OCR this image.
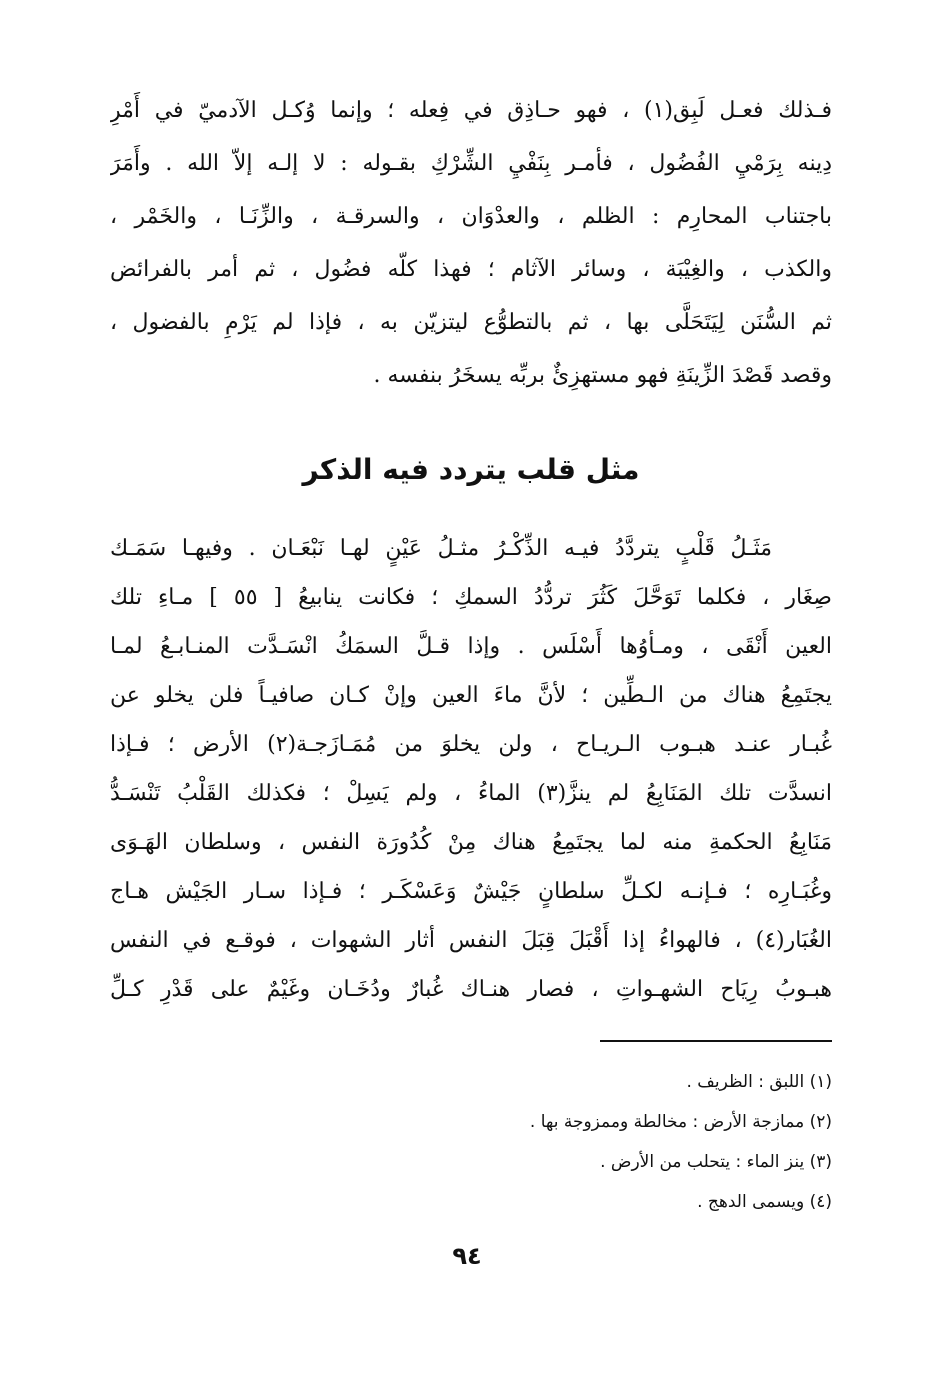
فـذلك فعـل لَبِق(١) ، فهو حـاذِق في فِعله ؛ وإنما وُكـل الآدميّ في أَمْرِ
دِينه بِرَمْيِ الفُضُول ، فأمـر بِنَفْيِ الشِّرْكِ بقـوله : لا إلـه إلاّ الله . وأَمَرَ
باجتناب المحارِم : الظلم ، والعدْوَان ، والسرقـة ، والزِّنَـا ، والخَمْر ،
والكذب ، والغِيْبَة ، وسائر الآثام ؛ فهذا كلّه فضُول ، ثم أمر بالفرائض
ثم السُّنَن لِيَتَحَلَّى بها ، ثم بالتطوُّع ليتزيّن به ، فإذا لم يَرْمِ بالفضول ،
وقصد قَصْدَ الزِّينَةِ فهو مستهزِئٌ بربِّه يسخَرُ بنفسه .
مثل قلب يتردد فيه الذكر
مَثَـلُ قَلْبٍ يتردَّدُ فيـه الذِّكْـرُ مثـلُ عَيْنٍ لهـا نَبْعَـان . وفيهـا سَمَـك
صِغَار ، فكلما تَوَحَّلَ كَثُرَ تردُّدُ السمكِ ؛ فكانت ينابيعُ [ ٥٥ ] مـاءِ تلك
العين أَنْقَى ، ومـأوُها أَسْلَس . وإذا قـلَّ السمَكُ انْسَـدَّت المنـابـعُ لمـا
يجتَمِعُ هناك من الـطِّين ؛ لأنَّ ماءَ العين وإنْ كـان صافيـاً فلن يخلو عن
غُبـار عنـد هبـوب الـريـاح ، ولن يخلوَ من مُمَـازَجـة(٢) الأرض ؛ فـإذا
انسدَّت تلك المَنَابِعُ لم ينزَّ(٣) الماءُ ، ولم يَسِلْ ؛ فكذلك القَلْبُ تَنْسَـدُّ
مَنَابِعُ الحكمةِ منه لما يجتَمِعُ هناك مِنْ كُدُورَة النفس ، وسلطان الهَـوَى
وغُبَـارِه ؛ فـإنـه لكـلِّ سلطانٍ جَيْشٌ وَعَسْكَـر ؛ فـإذا سـار الجَيْش هـاج
الغُبَار(٤) ، فالهواءُ إذا أَقْبَلَ قِبَلَ النفس أثار الشهوات ، فوقـع في النفس
هبـوبُ رِيَاح الشهـواتِ ، فصار هنـاك غُبارٌ ودُخَـان وغَيْمٌ على قَدْرِ كـلِّ
(١) اللبق : الظريف .
(٢) ممازجة الأرض : مخالطة وممزوجة بها .
(٣) ينز الماء : يتحلب من الأرض .
(٤) ويسمى الدهج .
٩٤
